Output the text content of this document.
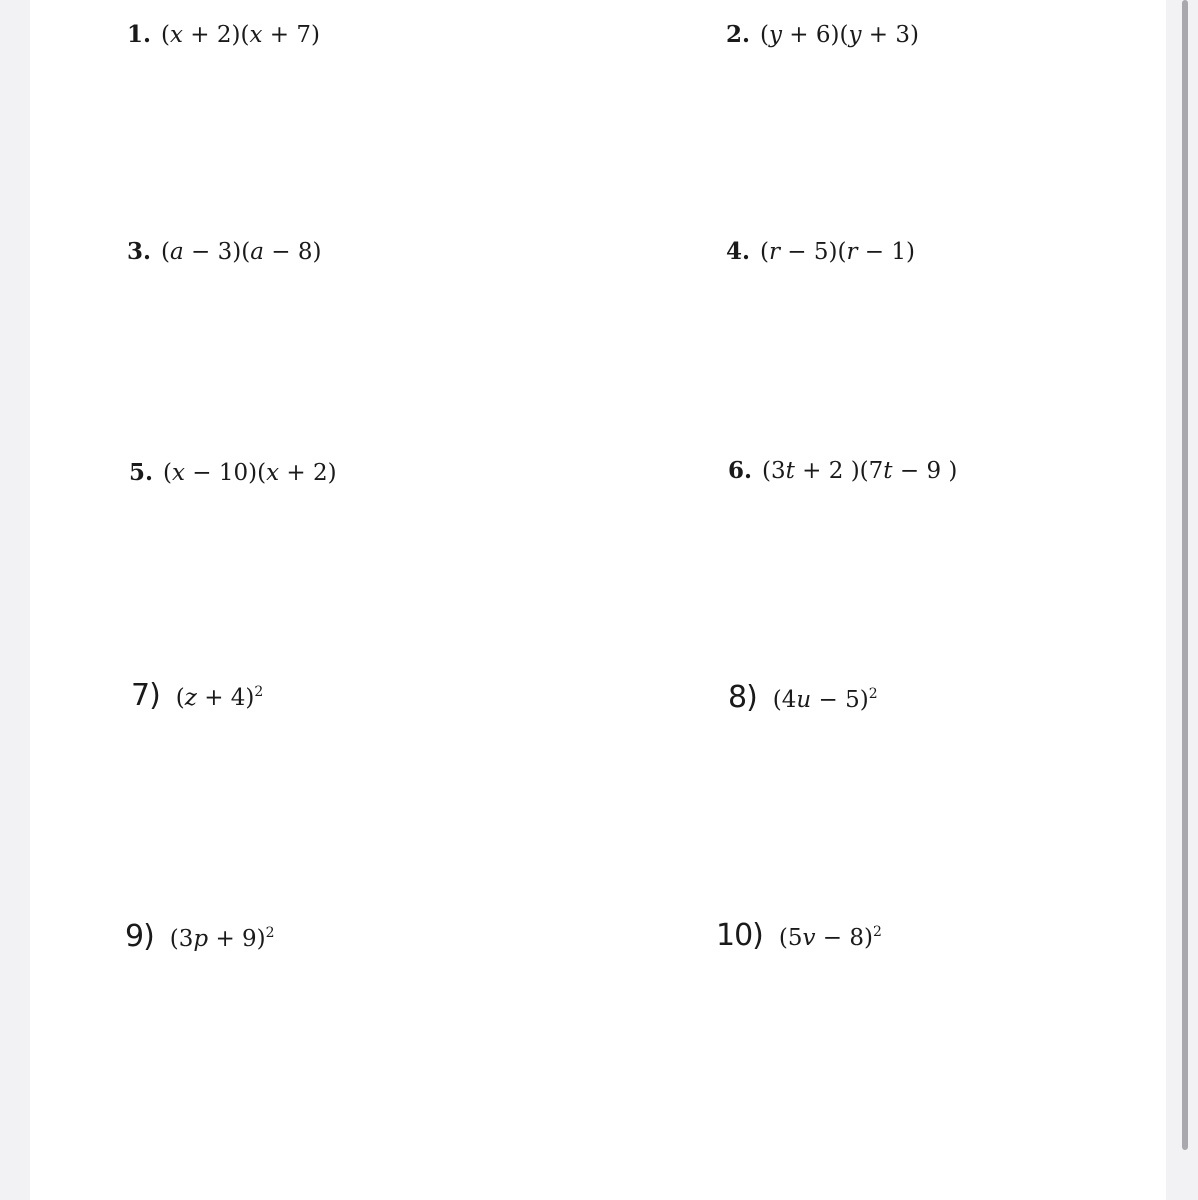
1. (x + 2)(x + 7)	2. (y + 6)(y + 3)
3. (a − 3)(a − 8)	4. (r − 5)(r − 1)
5. (x − 10)(x + 2)	6. (3t + 2 )(7t − 9 )
7) $(z + 4)^2$	8) $(4u - 5)^2$
9) $(3p + 9)^2$	10) $(5v - 8)^2$
